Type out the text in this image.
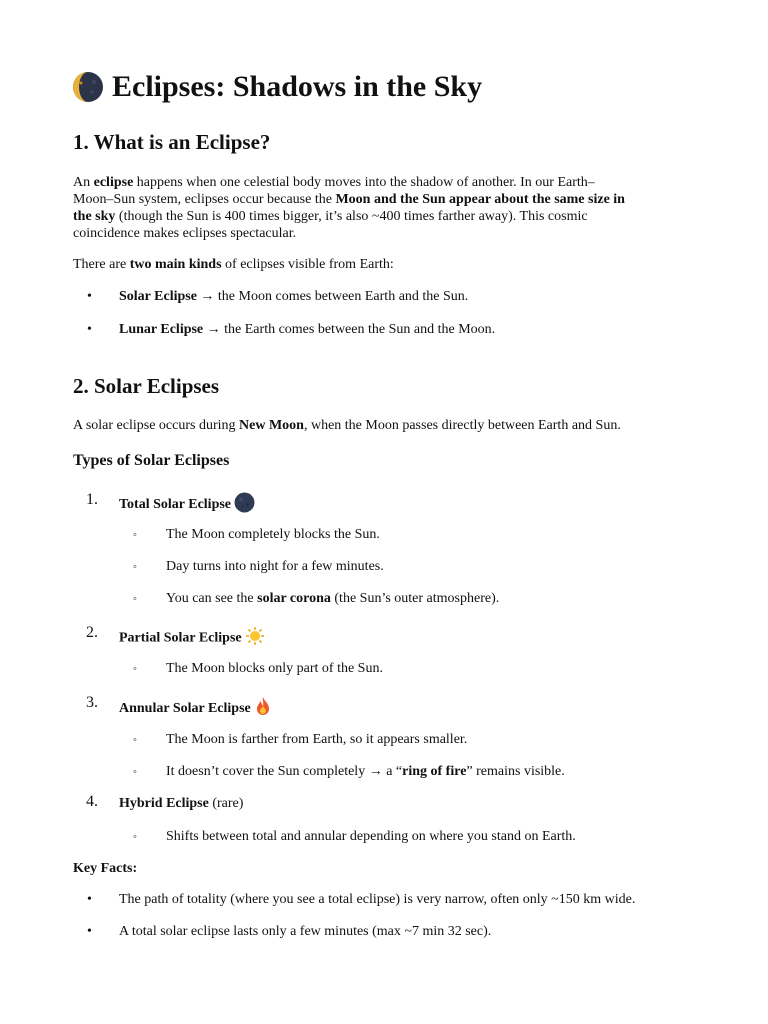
Eclipses: Shadows in the Sky
1. What is an Eclipse?
An eclipse happens when one celestial body moves into the shadow of another. In our Earth–
Moon–Sun system, eclipses occur because the Moon and the Sun appear about the same size in
the sky (though the Sun is 400 times bigger, it’s also ~400 times farther away). This cosmic
coincidence makes eclipses spectacular.
There are two main kinds of eclipses visible from Earth:
• Solar Eclipse → the Moon comes between Earth and the Sun.
• Lunar Eclipse → the Earth comes between the Sun and the Moon.
2. Solar Eclipses
A solar eclipse occurs during New Moon, when the Moon passes directly between Earth and Sun.
Types of Solar Eclipses
1. Total Solar Eclipse
◦ The Moon completely blocks the Sun.
◦ Day turns into night for a few minutes.
◦ You can see the solar corona (the Sun’s outer atmosphere).
2. Partial Solar Eclipse
◦ The Moon blocks only part of the Sun.
3. Annular Solar Eclipse
◦ The Moon is farther from Earth, so it appears smaller.
◦ It doesn’t cover the Sun completely → a “ring of fire” remains visible.
4. Hybrid Eclipse (rare)
◦ Shifts between total and annular depending on where you stand on Earth.
Key Facts:
• The path of totality (where you see a total eclipse) is very narrow, often only ~150 km wide.
• A total solar eclipse lasts only a few minutes (max ~7 min 32 sec).
